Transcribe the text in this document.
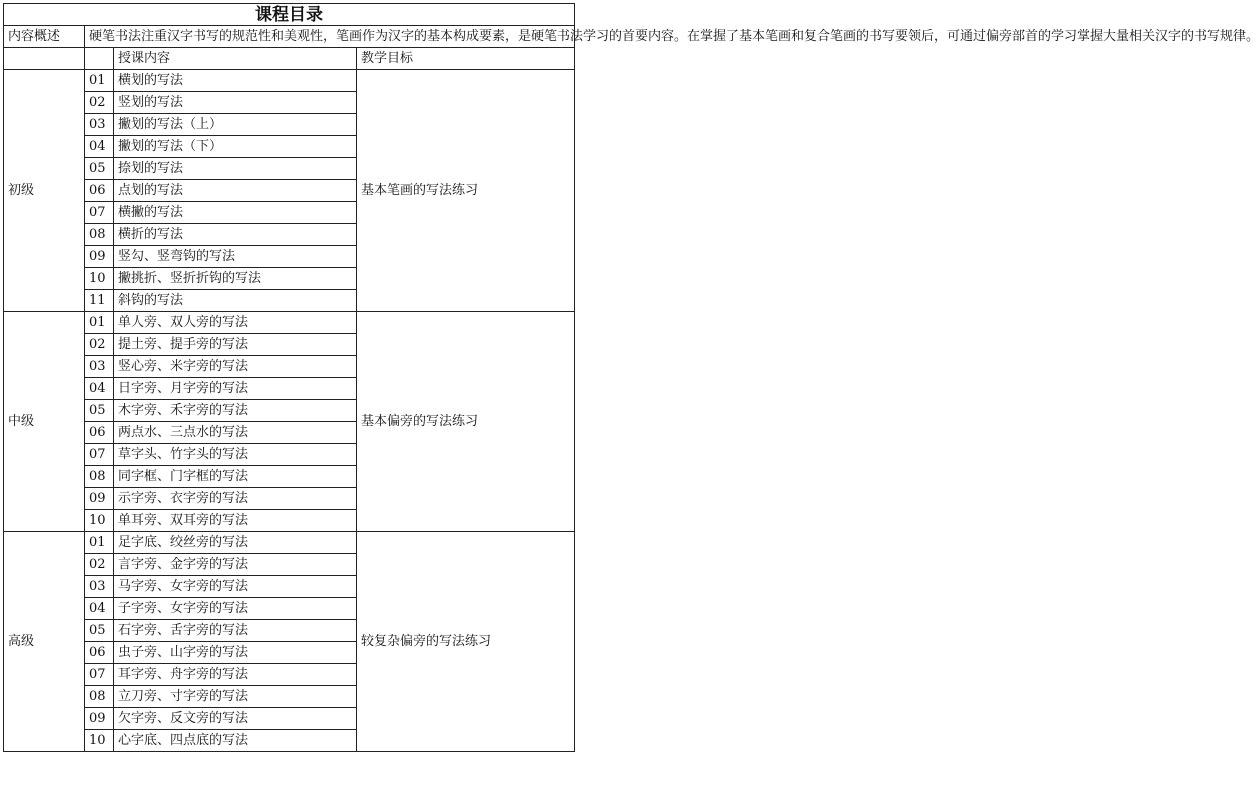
课程目录			
内容概述	硬笔书法注重汉字书写的规范性和美观性，笔画作为汉字的基本构成要素，是硬笔书法学习的首要内容。在掌握了基本笔画和复合笔画的书写要领后，可通过偏旁部首的学习掌握大量相关汉字的书写规律。		
		授课内容	教学目标
初级	01	横划的写法	基本笔画的写法练习
	02	竖划的写法	
	03	撇划的写法（上）	
	04	撇划的写法（下）	
	05	捺划的写法	
	06	点划的写法	
	07	横撇的写法	
	08	横折的写法	
	09	竖勾、竖弯钩的写法	
	10	撇挑折、竖折折钩的写法	
	11	斜钩的写法	
中级	01	单人旁、双人旁的写法	基本偏旁的写法练习
	02	提土旁、提手旁的写法	
	03	竖心旁、米字旁的写法	
	04	日字旁、月字旁的写法	
	05	木字旁、禾字旁的写法	
	06	两点水、三点水的写法	
	07	草字头、竹字头的写法	
	08	同字框、门字框的写法	
	09	示字旁、衣字旁的写法	
	10	单耳旁、双耳旁的写法	
高级	01	足字底、绞丝旁的写法	较复杂偏旁的写法练习
	02	言字旁、金字旁的写法	
	03	马字旁、女字旁的写法	
	04	子字旁、女字旁的写法	
	05	石字旁、舌字旁的写法	
	06	虫子旁、山字旁的写法	
	07	耳字旁、舟字旁的写法	
	08	立刀旁、寸字旁的写法	
	09	欠字旁、反文旁的写法	
	10	心字底、四点底的写法	
